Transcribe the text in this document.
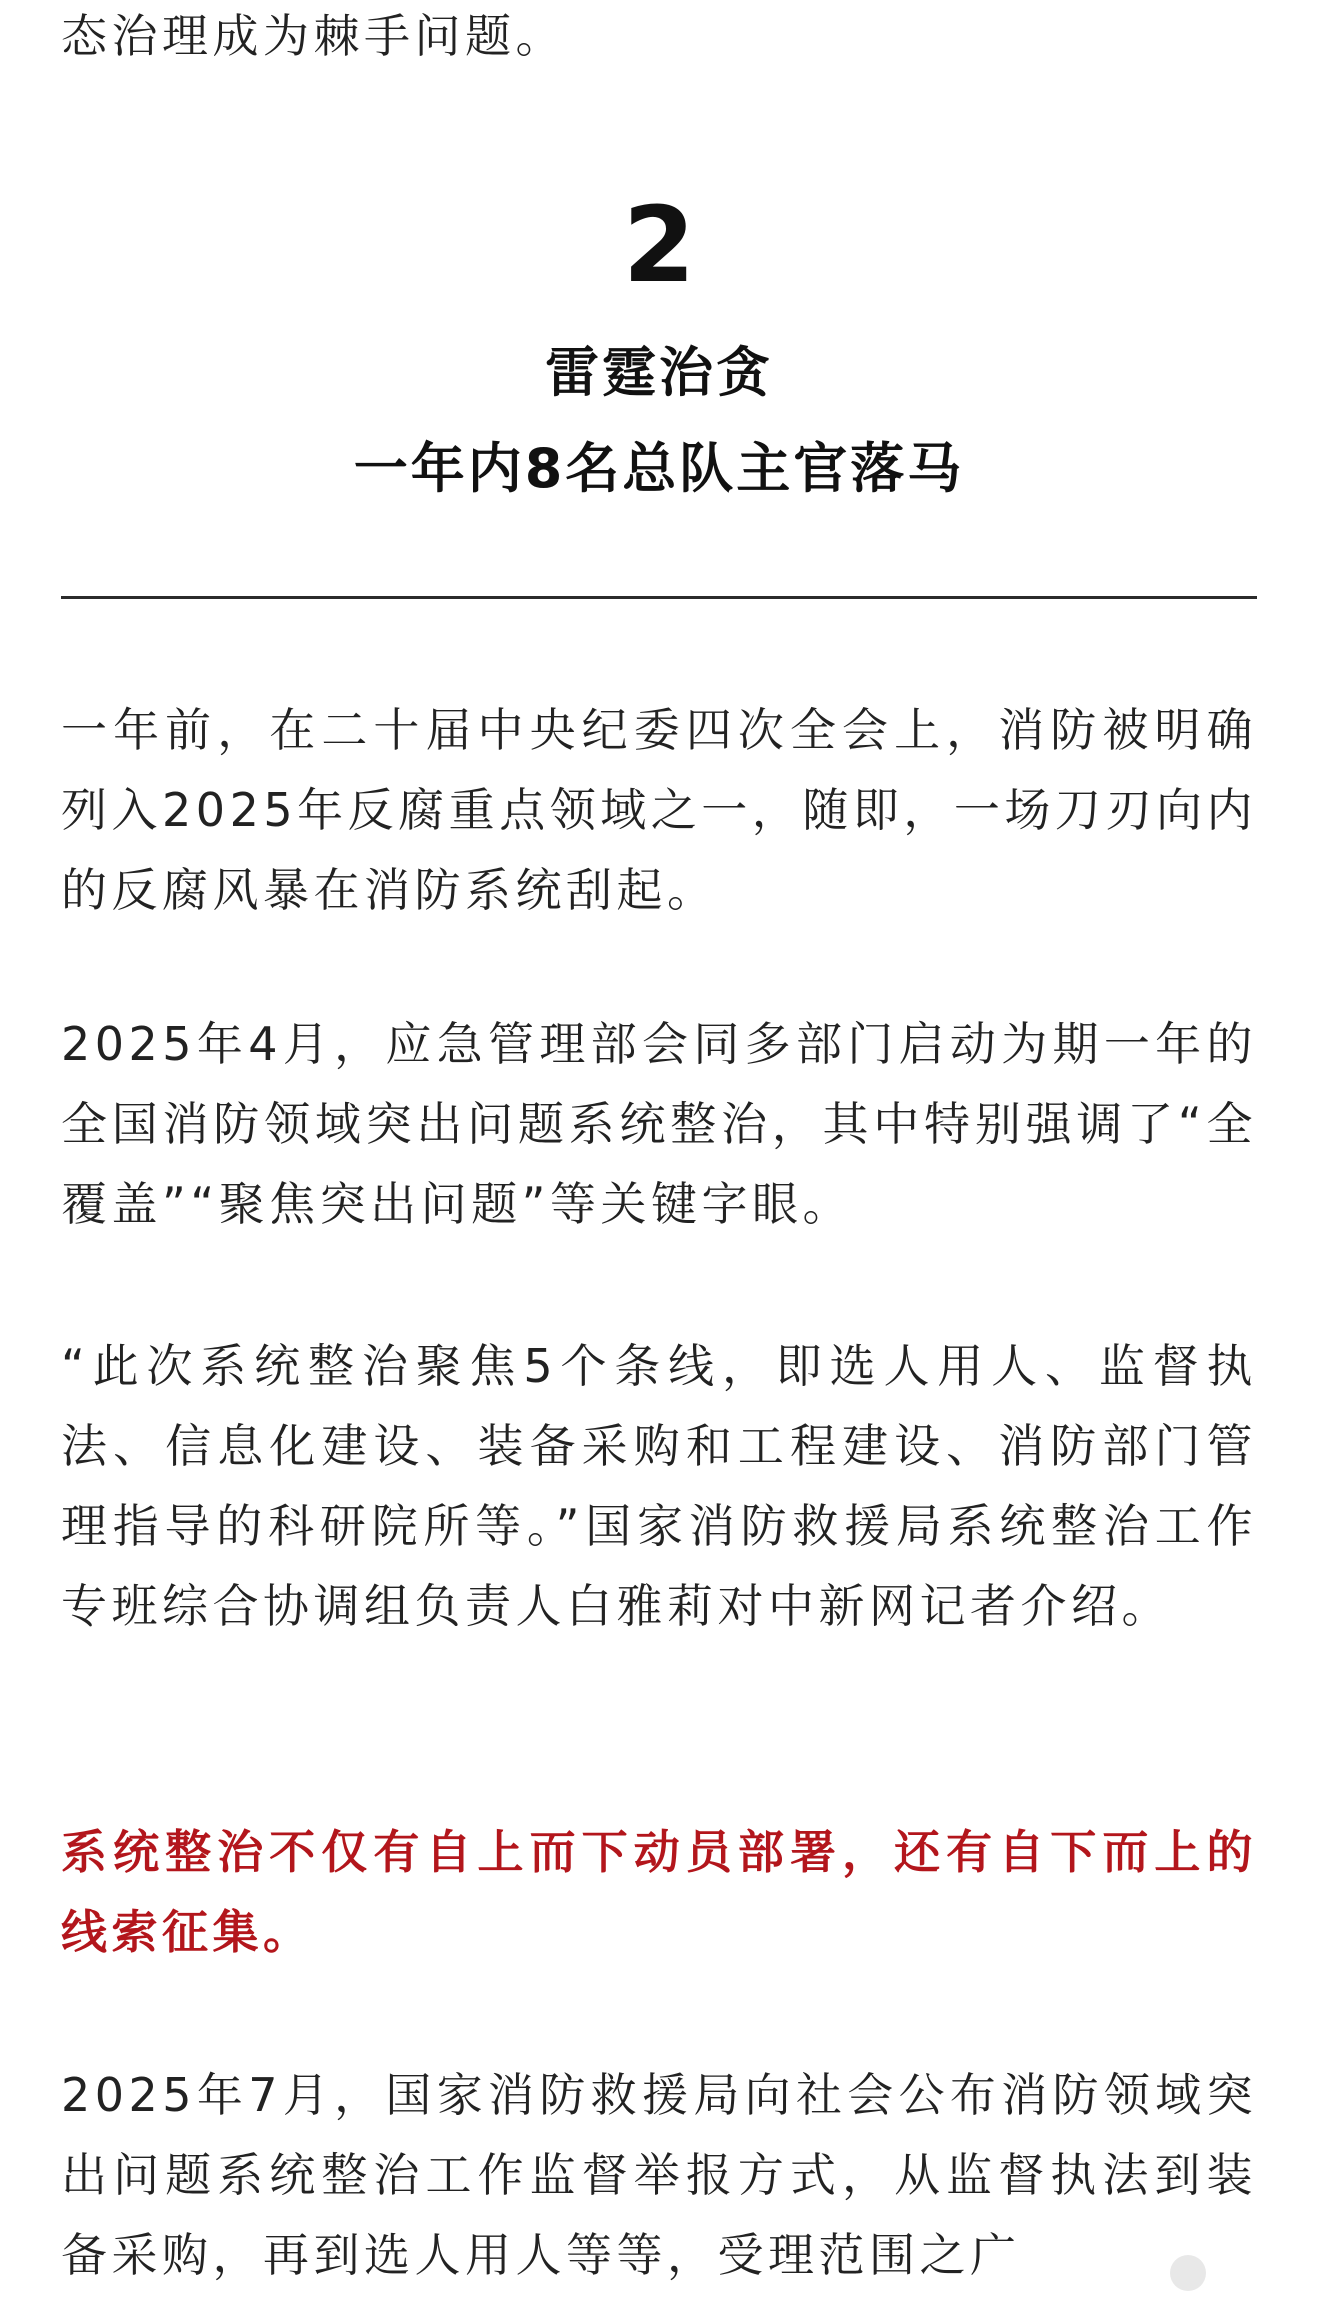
态治理成为棘手问题。

2
雷霆治贪
一年内8名总队主官落马

一年前，在二十届中央纪委四次全会上，消防被明确列入2025年反腐重点领域之一，随即，一场刀刃向内的反腐风暴在消防系统刮起。

2025年4月，应急管理部会同多部门启动为期一年的全国消防领域突出问题系统整治，其中特别强调了“全覆盖”“聚焦突出问题”等关键字眼。

“此次系统整治聚焦5个条线，即选人用人、监督执法、信息化建设、装备采购和工程建设、消防部门管理指导的科研院所等。”国家消防救援局系统整治工作专班综合协调组负责人白雅莉对中新网记者介绍。

系统整治不仅有自上而下动员部署，还有自下而上的线索征集。

2025年7月，国家消防救援局向社会公布消防领域突出问题系统整治工作监督举报方式，从监督执法到装备采购，再到选人用人等等，受理范围之广
